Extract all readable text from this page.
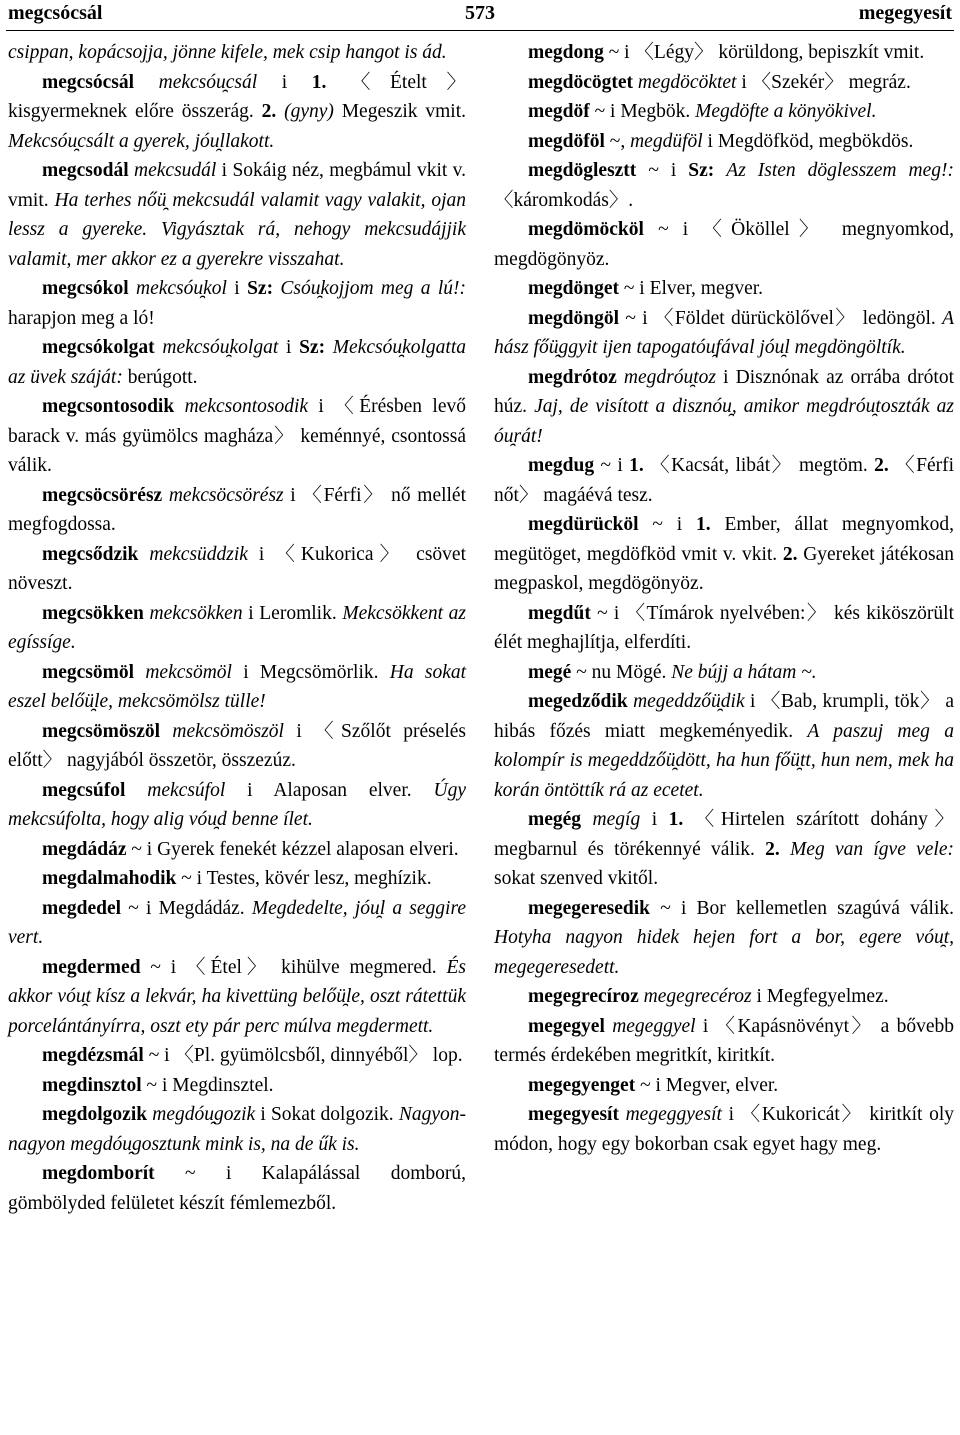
megcsócsál	573	megegyesít

csippan, kopácsojja, jönne kifele, mek csip hangot is ád.

megcsócsál mekcsóu̯csál i 1. 〈Ételt〉 kisgyermeknek előre összerág. 2. (gyny) Megeszik vmit. Mekcsóu̯csált a gyerek, jóu̯llakott.

megcsodál mekcsudál i Sokáig néz, megbámul vkit v. vmit. Ha terhes nőü̯ mekcsudál valamit vagy valakit, ojan lessz a gyereke. Vigyásztak rá, nehogy mekcsudájjik valamit, mer akkor ez a gyerekre visszahat.

megcsókol mekcsóu̯kol i Sz: Csóu̯kojjom meg a lú!: harapjon meg a ló!

megcsókolgat mekcsóu̯kolgat i Sz: Mekcsóu̯kolgatta az üvek száját: berúgott.

megcsontosodik mekcsontosodik i 〈Érésben levő barack v. más gyümölcs magháza〉 keménnyé, csontossá válik.

megcsöcsörész mekcsöcsörész i 〈Férfi〉 nő mellét megfogdossa.

megcsődzik mekcsüddzik i 〈Kukorica〉 csövet növeszt.

megcsökken mekcsökken i Leromlik. Mekcsökkent az egíssíge.

megcsömöl mekcsömöl i Megcsömörlik. Ha sokat eszel belőü̯le, mekcsömölsz tülle!

megcsömöszöl mekcsömöszöl i 〈Szőlőt préselés előtt〉 nagyjából összetör, összezúz.

megcsúfol mekcsúfol i Alaposan elver. Úgy mekcsúfolta, hogy alig vóu̯d benne ílet.

megdádáz ~ i Gyerek fenekét kézzel alaposan elveri.

megdalmahodik ~ i Testes, kövér lesz, meghízik.

megdedel ~ i Megdádáz. Megdedelte, jóu̯l a seggire vert.

megdermed ~ i 〈Étel〉 kihülve megmered. És akkor vóu̯t kísz a lekvár, ha kivettüng belőü̯le, oszt rátettük porcelántányírra, oszt ety pár perc múlva megdermett.

megdézsmál ~ i 〈Pl. gyümölcsből, dinnyéből〉 lop.

megdinsztol ~ i Megdinsztel.

megdolgozik megdóu̯gozik i Sokat dolgozik. Nagyon-nagyon megdóu̯gosztunk mink is, na de űk is.

megdomborít ~ i Kalapálással domború, gömbölyded felületet készít fémlemezből.

megdong ~ i 〈Légy〉 körüldong, bepiszkít vmit.

megdöcögtet megdöcöktet i 〈Szekér〉 megráz.

megdöf ~ i Megbök. Megdöfte a könyökivel.

megdöföl ~, megdüföl i Megdöfköd, megbökdös.

megdöglesztt ~ i Sz: Az Isten döglesszem meg!: 〈káromkodás〉.

megdömöcköl ~ i 〈Ököllel〉 megnyomkod, megdögönyöz.

megdönget ~ i Elver, megver.

megdöngöl ~ i 〈Földet dürückölővel〉 ledöngöl. A hász főü̯ggyit ijen tapogatóu̯fával jóu̯l megdöngöltík.

megdrótoz megdróu̯toz i Disznónak az orrába drótot húz. Jaj, de visított a disznóu̯, amikor megdróu̯toszták az óu̯rát!

megdug ~ i 1. 〈Kacsát, libát〉 megtöm. 2. 〈Férfi nőt〉 magáévá tesz.

megdürücköl ~ i 1. Ember, állat megnyomkod, megütöget, megdöfköd vmit v. vkit. 2. Gyereket játékosan megpaskol, megdögönyöz.

megdűt ~ i 〈Tímárok nyelvében:〉 kés kiköszörült élét meghajlítja, elferdíti.

megé ~ nu Mögé. Ne bújj a hátam ~.

megedződik megeddzőü̯dik i 〈Bab, krumpli, tök〉 a hibás főzés miatt megkeményedik. A paszuj meg a kolompír is megeddzőü̯dött, ha hun főü̯tt, hun nem, mek ha korán öntöttík rá az ecetet.

megég megíg i 1. 〈Hirtelen szárított dohány〉 megbarnul és törékennyé válik. 2. Meg van ígve vele: sokat szenved vkitől.

megegeresedik ~ i Bor kellemetlen szagúvá válik. Hotyha nagyon hidek hejen fort a bor, egere vóu̯t, megegeresedett.

megegrecíroz megegrecéroz i Megfegyelmez.

megegyel megeggyel i 〈Kapásnövényt〉 a bővebb termés érdekében megritkít, kiritkít.

megegyenget ~ i Megver, elver.

megegyesít megeggyesít i 〈Kukoricát〉 kiritkít oly módon, hogy egy bokorban csak egyet hagy meg.
